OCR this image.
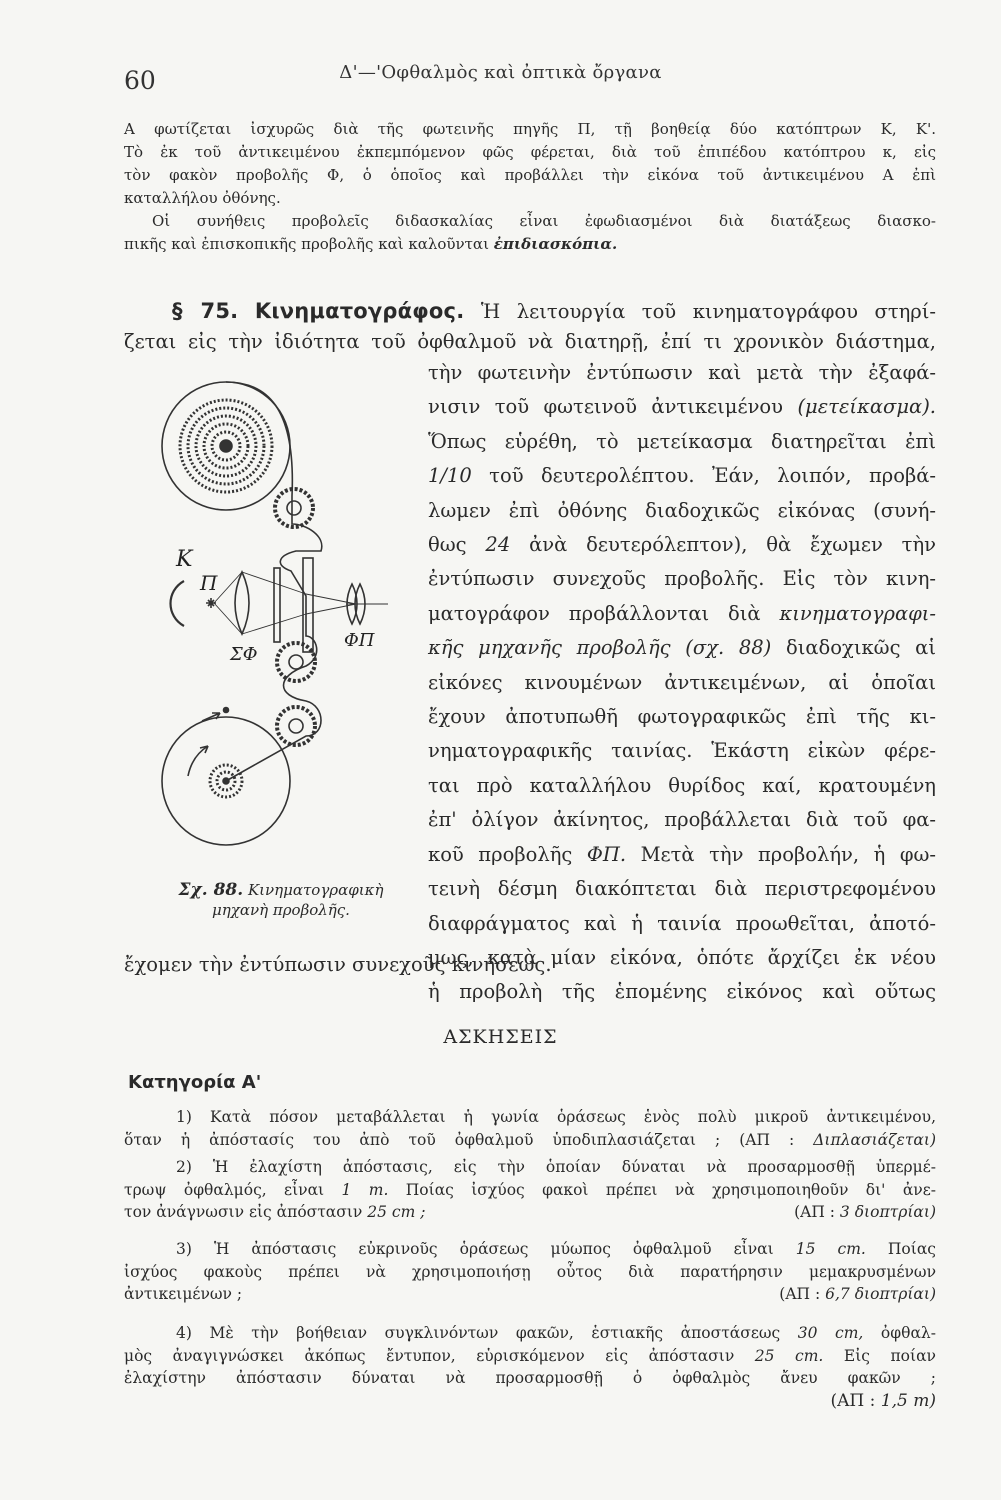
60	Δ'—'Οφθαλμὸς καὶ ὀπτικὰ ὄργανα
Α φωτίζεται ἰσχυρῶς διὰ τῆς φωτεινῆς πηγῆς Π, τῇ βοηθείᾳ δύο κατόπτρων Κ, Κ'.
Τὸ ἐκ τοῦ ἀντικειμένου ἐκπεμπόμενον φῶς φέρεται, διὰ τοῦ ἐπιπέδου κατόπτρου κ, εἰς
τὸν φακὸν προβολῆς Φ, ὁ ὁποῖος καὶ προβάλλει τὴν εἰκόνα τοῦ ἀντικειμένου Α ἐπὶ
καταλλήλου ὀθόνης.
Οἱ συνήθεις προβολεῖς διδασκαλίας εἶναι ἐφωδιασμένοι διὰ διατάξεως διασκο-
πικῆς καὶ ἐπισκοπικῆς προβολῆς καὶ καλοῦνται ἐπιδιασκόπια.
§ 75. Κινηματογράφος. Ἡ λειτουργία τοῦ κινηματογράφου στηρί-
ζεται εἰς τὴν ἰδιότητα τοῦ ὀφθαλμοῦ νὰ διατηρῇ, ἐπί τι χρονικὸν διάστημα,
τὴν φωτεινὴν ἐντύπωσιν καὶ μετὰ τὴν ἐξαφά-
νισιν τοῦ φωτεινοῦ ἀντικειμένου (μετείκασμα).
Ὅπως εὑρέθη, τὸ μετείκασμα διατηρεῖται ἐπὶ
1/10 τοῦ δευτερολέπτου. Ἐάν, λοιπόν, προβά-
λωμεν ἐπὶ ὀθόνης διαδοχικῶς εἰκόνας (συνή-
θως 24 ἀνὰ δευτερόλεπτον), θὰ ἔχωμεν τὴν
ἐντύπωσιν συνεχοῦς προβολῆς. Εἰς τὸν κινη-
ματογράφον προβάλλονται διὰ κινηματογραφι-
κῆς μηχανῆς προβολῆς (σχ. 88) διαδοχικῶς αἱ
εἰκόνες κινουμένων ἀντικειμένων, αἱ ὁποῖαι
ἔχουν ἀποτυπωθῆ φωτογραφικῶς ἐπὶ τῆς κι-
νηματογραφικῆς ταινίας. Ἑκάστη εἰκὼν φέρε-
ται πρὸ καταλλήλου θυρίδος καί, κρατουμένη
ἐπ' ὀλίγον ἀκίνητος, προβάλλεται διὰ τοῦ φα-
κοῦ προβολῆς ΦΠ. Μετὰ τὴν προβολήν, ἡ φω-
τεινὴ δέσμη διακόπτεται διὰ περιστρεφομένου
διαφράγματος καὶ ἡ ταινία προωθεῖται, ἀποτό-
μως, κατὰ μίαν εἰκόνα, ὁπότε ἄρχίζει ἐκ νέου
ἡ προβολὴ τῆς ἑπομένης εἰκόνος καὶ οὕτως
ἔχομεν τὴν ἐντύπωσιν συνεχοῦς κινήσεως.
Κ
Π
ΣΦ
ΦΠ
Σχ. 88. Κινηματογραφικὴ
μηχανὴ προβολῆς.
ΑΣΚΗΣΕΙΣ
Κατηγορία Α'
1) Κατὰ πόσον μεταβάλλεται ἡ γωνία ὁράσεως ἑνὸς πολὺ μικροῦ ἀντικειμένου,
ὅταν ἡ ἀπόστασίς του ἀπὸ τοῦ ὀφθαλμοῦ ὑποδιπλασιάζεται ; (ΑΠ : Διπλασιάζεται)
2) Ἡ ἐλαχίστη ἀπόστασις, εἰς τὴν ὁποίαν δύναται νὰ προσαρμοσθῇ ὑπερμέ-
τρωψ ὀφθαλμός, εἶναι 1 m. Ποίας ἰσχύος φακοὶ πρέπει νὰ χρησιμοποιηθοῦν δι' ἀνε-
τον ἀνάγνωσιν εἰς ἀπόστασιν 25 cm ;	(ΑΠ : 3 διοπτρίαι)
3) Ἡ ἀπόστασις εὐκρινοῦς ὁράσεως μύωπος ὀφθαλμοῦ εἶναι 15 cm. Ποίας
ἰσχύος φακοὺς πρέπει νὰ χρησιμοποιήσῃ οὗτος διὰ παρατήρησιν μεμακρυσμένων
ἀντικειμένων ;	(ΑΠ : 6,7 διοπτρίαι)
4) Μὲ τὴν βοήθειαν συγκλινόντων φακῶν, ἑστιακῆς ἀποστάσεως 30 cm, ὀφθαλ-
μὸς ἀναγιγνώσκει ἀκόπως ἔντυπον, εὑρισκόμενον εἰς ἀπόστασιν 25 cm. Εἰς ποίαν
ἐλαχίστην ἀπόστασιν δύναται νὰ προσαρμοσθῇ ὁ ὀφθαλμὸς ἄνευ φακῶν ;
(ΑΠ : 1,5 m)
